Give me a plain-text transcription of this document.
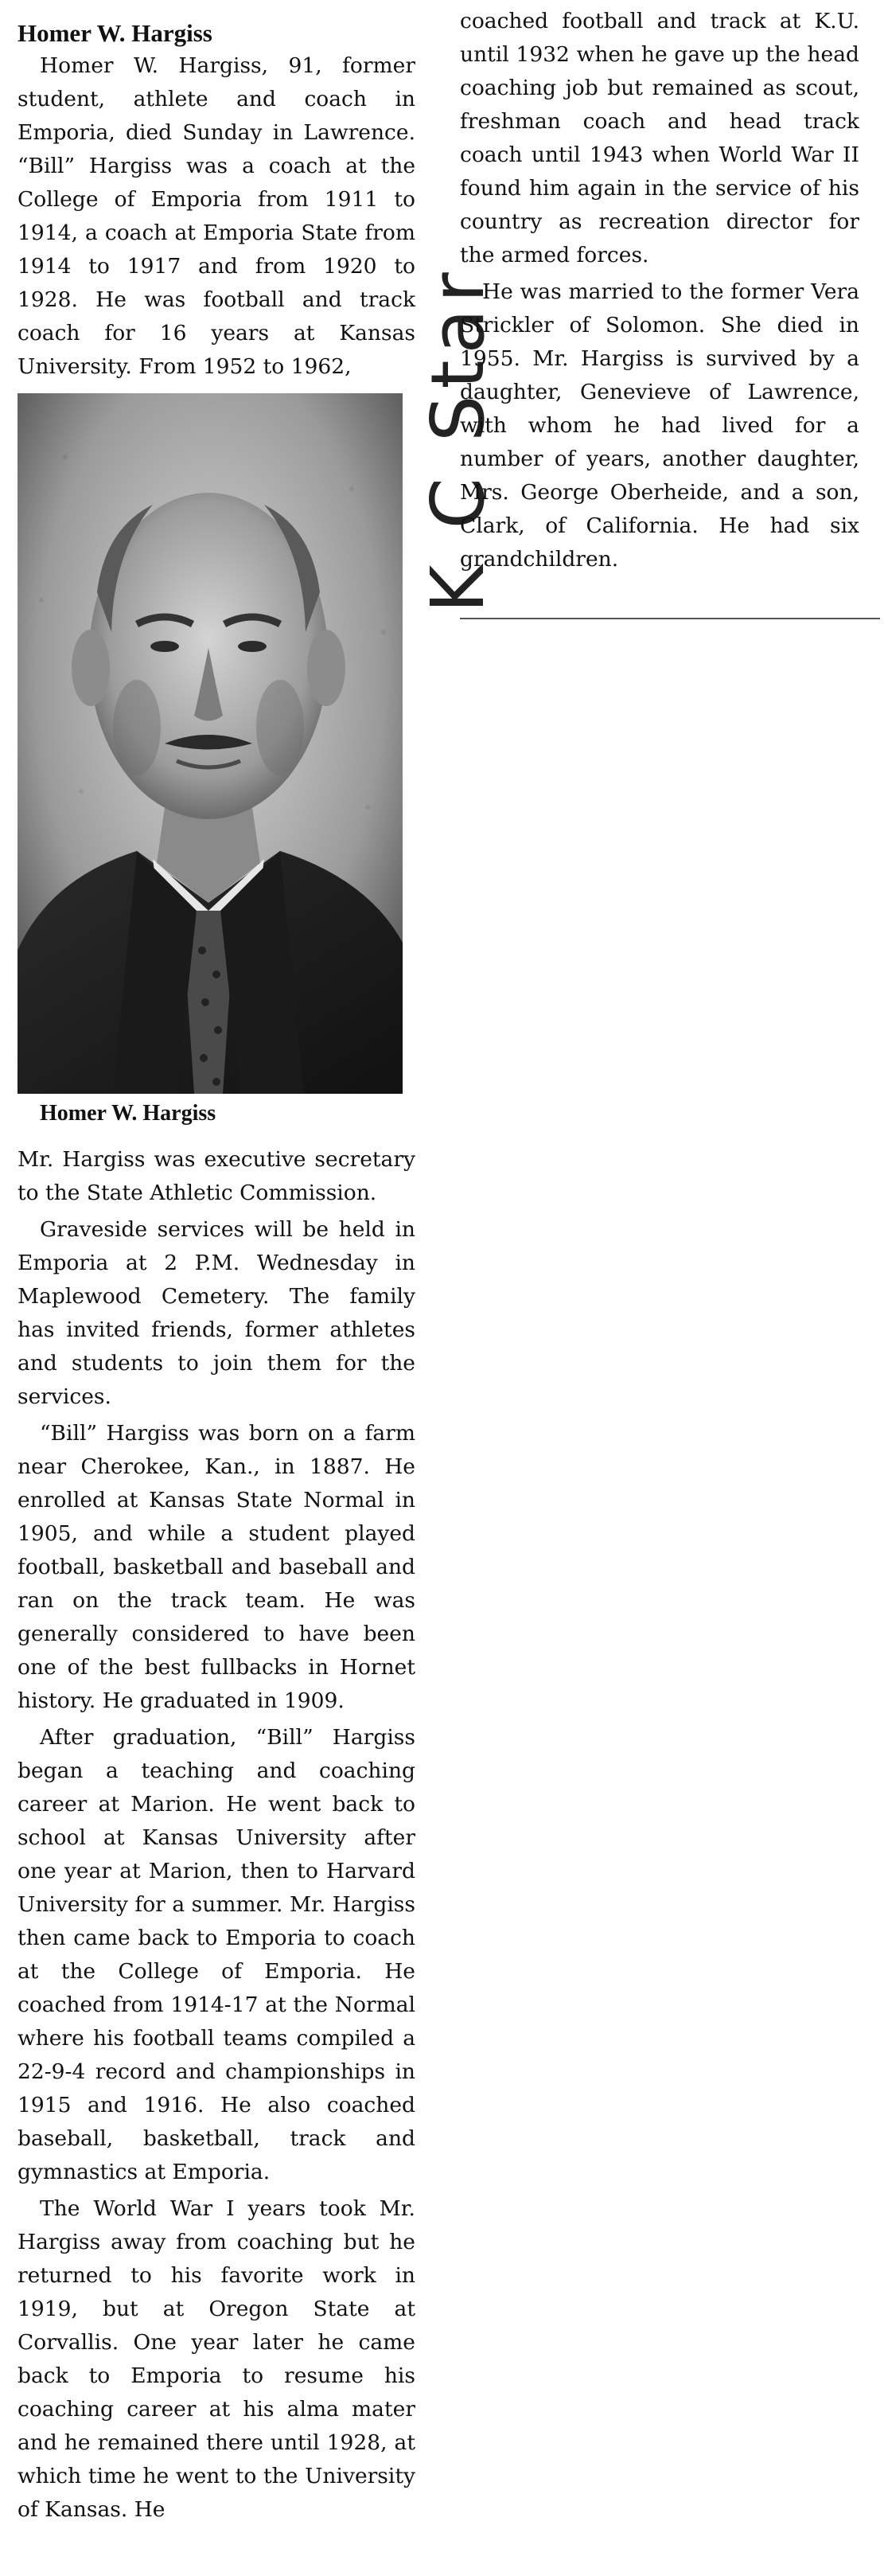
Homer W. Hargiss

Homer W. Hargiss, 91, former student, athlete and coach in Emporia, died Sunday in Lawrence. “Bill” Hargiss was a coach at the College of Emporia from 1911 to 1914, a coach at Emporia State from 1914 to 1917 and from 1920 to 1928. He was football and track coach for 16 years at Kansas University. From 1952 to 1962,

Homer W. Hargiss

Mr. Hargiss was executive secretary to the State Athletic Commission.

Graveside services will be held in Emporia at 2 P.M. Wednesday in Maplewood Cemetery. The family has invited friends, former athletes and students to join them for the services.

“Bill” Hargiss was born on a farm near Cherokee, Kan., in 1887. He enrolled at Kansas State Normal in 1905, and while a student played football, basketball and baseball and ran on the track team. He was generally considered to have been one of the best fullbacks in Hornet history. He graduated in 1909.

After graduation, “Bill” Hargiss began a teaching and coaching career at Marion. He went back to school at Kansas University after one year at Marion, then to Harvard University for a summer. Mr. Hargiss then came back to Emporia to coach at the College of Emporia. He coached from 1914-17 at the Normal where his football teams compiled a 22-9-4 record and championships in 1915 and 1916. He also coached baseball, basketball, track and gymnastics at Emporia.

The World War I years took Mr. Hargiss away from coaching but he returned to his favorite work in 1919, but at Oregon State at Corvallis. One year later he came back to Emporia to resume his coaching career at his alma mater and he remained there until 1928, at which time he went to the University of Kansas. He

K C Star

coached football and track at K.U. until 1932 when he gave up the head coaching job but remained as scout, freshman coach and head track coach until 1943 when World War II found him again in the service of his country as recreation director for the armed forces.

He was married to the former Vera Strickler of Solomon. She died in 1955. Mr. Hargiss is survived by a daughter, Genevieve of Lawrence, with whom he had lived for a number of years, another daughter, Mrs. George Oberheide, and a son, Clark, of California. He had six grandchildren.
